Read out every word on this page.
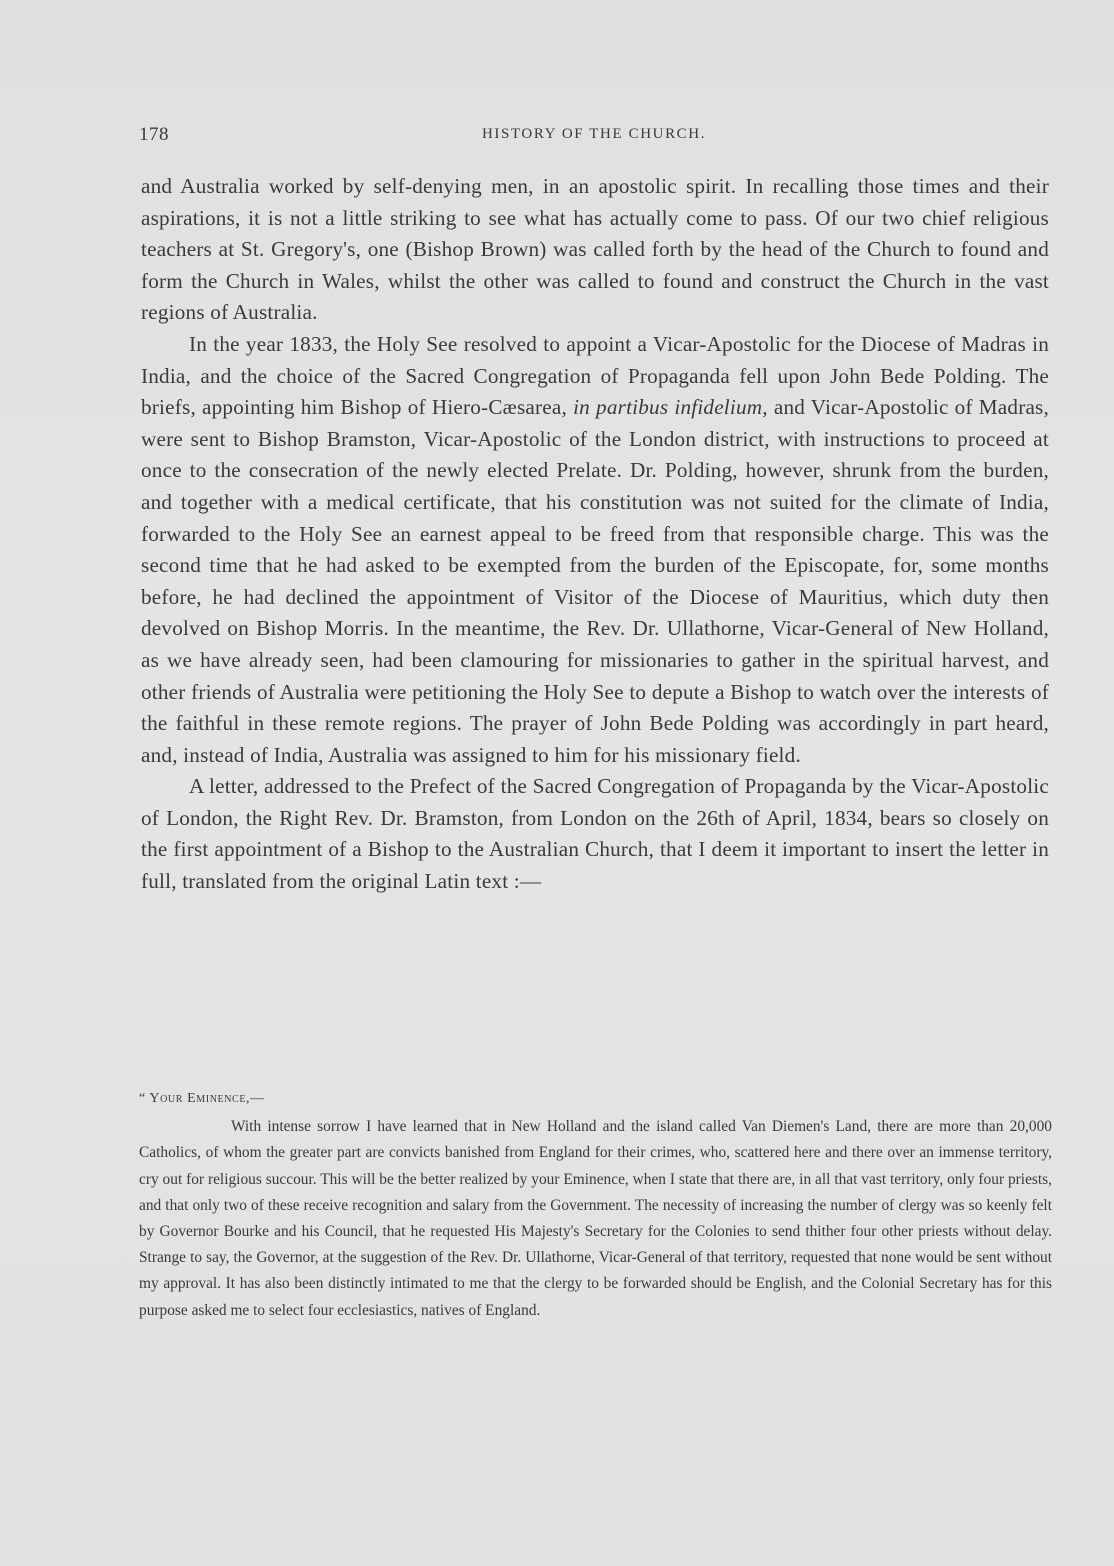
178	HISTORY OF THE CHURCH.

and Australia worked by self-denying men, in an apostolic spirit. In recalling those times and their aspirations, it is not a little striking to see what has actually come to pass. Of our two chief religious teachers at St. Gregory's, one (Bishop Brown) was called forth by the head of the Church to found and form the Church in Wales, whilst the other was called to found and construct the Church in the vast regions of Australia.

In the year 1833, the Holy See resolved to appoint a Vicar-Apostolic for the Diocese of Madras in India, and the choice of the Sacred Congregation of Propaganda fell upon John Bede Polding. The briefs, appointing him Bishop of Hiero-Cæsarea, in partibus infidelium, and Vicar-Apostolic of Madras, were sent to Bishop Bramston, Vicar-Apostolic of the London district, with instructions to proceed at once to the consecration of the newly elected Prelate. Dr. Polding, however, shrunk from the burden, and together with a medical certificate, that his constitution was not suited for the climate of India, forwarded to the Holy See an earnest appeal to be freed from that responsible charge. This was the second time that he had asked to be exempted from the burden of the Episcopate, for, some months before, he had declined the appointment of Visitor of the Diocese of Mauritius, which duty then devolved on Bishop Morris. In the meantime, the Rev. Dr. Ullathorne, Vicar-General of New Holland, as we have already seen, had been clamouring for missionaries to gather in the spiritual harvest, and other friends of Australia were petitioning the Holy See to depute a Bishop to watch over the interests of the faithful in these remote regions. The prayer of John Bede Polding was accordingly in part heard, and, instead of India, Australia was assigned to him for his missionary field.

A letter, addressed to the Prefect of the Sacred Congregation of Propaganda by the Vicar-Apostolic of London, the Right Rev. Dr. Bramston, from London on the 26th of April, 1834, bears so closely on the first appointment of a Bishop to the Australian Church, that I deem it important to insert the letter in full, translated from the original Latin text :—

“ Your Eminence,—

With intense sorrow I have learned that in New Holland and the island called Van Diemen's Land, there are more than 20,000 Catholics, of whom the greater part are convicts banished from England for their crimes, who, scattered here and there over an immense territory, cry out for religious succour. This will be the better realized by your Eminence, when I state that there are, in all that vast territory, only four priests, and that only two of these receive recognition and salary from the Government. The necessity of increasing the number of clergy was so keenly felt by Governor Bourke and his Council, that he requested His Majesty's Secretary for the Colonies to send thither four other priests without delay. Strange to say, the Governor, at the suggestion of the Rev. Dr. Ullathorne, Vicar-General of that territory, requested that none would be sent without my approval. It has also been distinctly intimated to me that the clergy to be forwarded should be English, and the Colonial Secretary has for this purpose asked me to select four ecclesiastics, natives of England.
